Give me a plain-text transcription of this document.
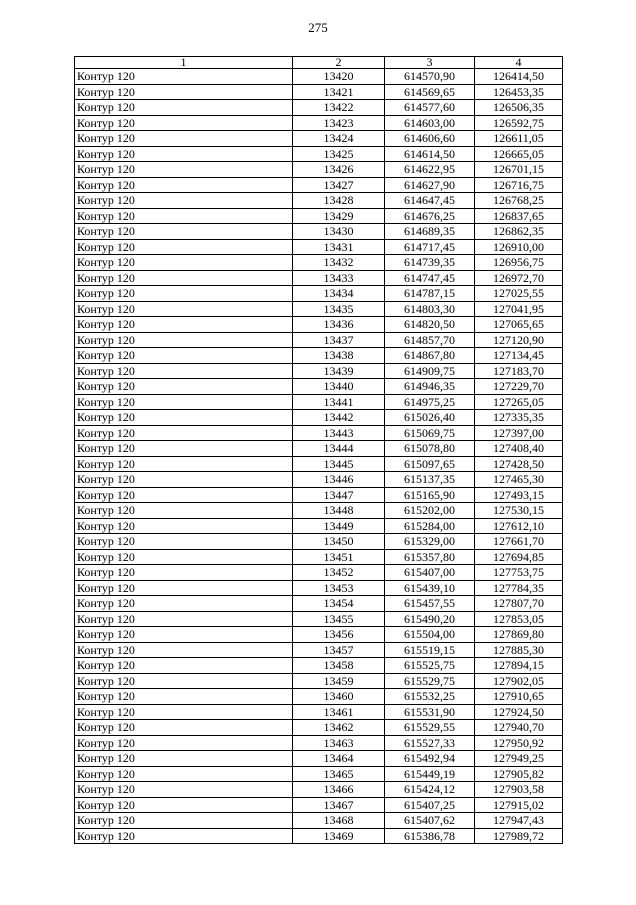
275
1	2	3	4
Контур 120	13420	614570,90	126414,50
Контур 120	13421	614569,65	126453,35
Контур 120	13422	614577,60	126506,35
Контур 120	13423	614603,00	126592,75
Контур 120	13424	614606,60	126611,05
Контур 120	13425	614614,50	126665,05
Контур 120	13426	614622,95	126701,15
Контур 120	13427	614627,90	126716,75
Контур 120	13428	614647,45	126768,25
Контур 120	13429	614676,25	126837,65
Контур 120	13430	614689,35	126862,35
Контур 120	13431	614717,45	126910,00
Контур 120	13432	614739,35	126956,75
Контур 120	13433	614747,45	126972,70
Контур 120	13434	614787,15	127025,55
Контур 120	13435	614803,30	127041,95
Контур 120	13436	614820,50	127065,65
Контур 120	13437	614857,70	127120,90
Контур 120	13438	614867,80	127134,45
Контур 120	13439	614909,75	127183,70
Контур 120	13440	614946,35	127229,70
Контур 120	13441	614975,25	127265,05
Контур 120	13442	615026,40	127335,35
Контур 120	13443	615069,75	127397,00
Контур 120	13444	615078,80	127408,40
Контур 120	13445	615097,65	127428,50
Контур 120	13446	615137,35	127465,30
Контур 120	13447	615165,90	127493,15
Контур 120	13448	615202,00	127530,15
Контур 120	13449	615284,00	127612,10
Контур 120	13450	615329,00	127661,70
Контур 120	13451	615357,80	127694,85
Контур 120	13452	615407,00	127753,75
Контур 120	13453	615439,10	127784,35
Контур 120	13454	615457,55	127807,70
Контур 120	13455	615490,20	127853,05
Контур 120	13456	615504,00	127869,80
Контур 120	13457	615519,15	127885,30
Контур 120	13458	615525,75	127894,15
Контур 120	13459	615529,75	127902,05
Контур 120	13460	615532,25	127910,65
Контур 120	13461	615531,90	127924,50
Контур 120	13462	615529,55	127940,70
Контур 120	13463	615527,33	127950,92
Контур 120	13464	615492,94	127949,25
Контур 120	13465	615449,19	127905,82
Контур 120	13466	615424,12	127903,58
Контур 120	13467	615407,25	127915,02
Контур 120	13468	615407,62	127947,43
Контур 120	13469	615386,78	127989,72
